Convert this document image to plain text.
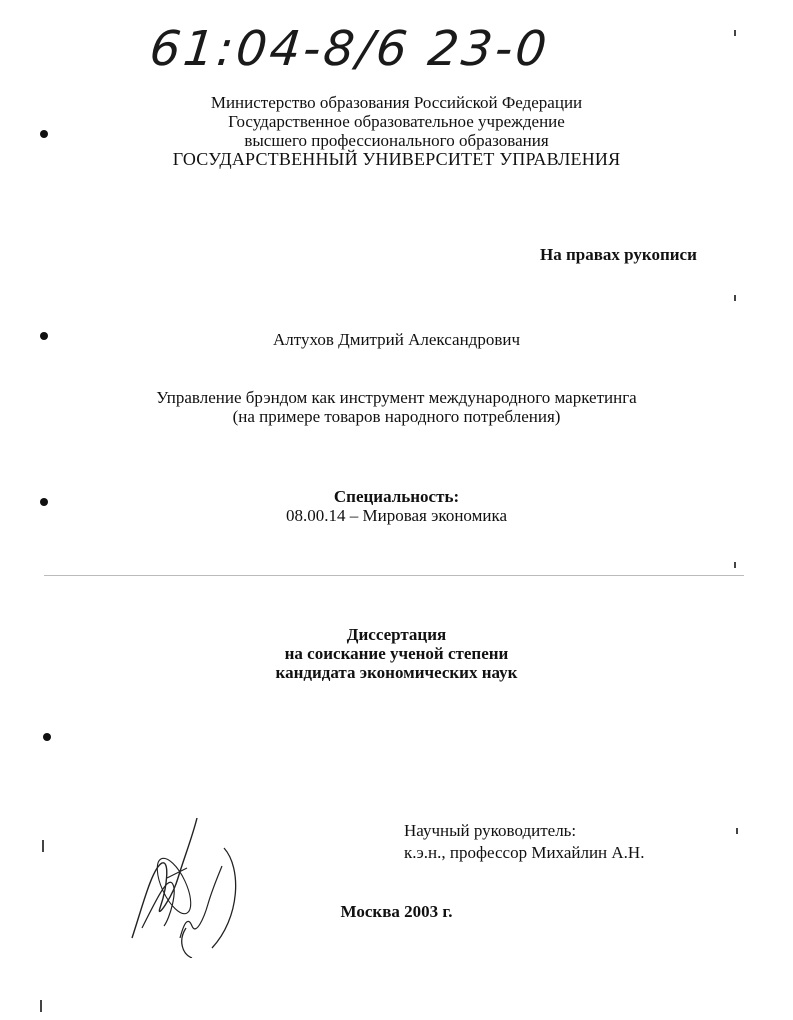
61:04-8/6 23-0
Министерство образования Российской Федерации
Государственное образовательное учреждение
высшего профессионального образования
ГОСУДАРСТВЕННЫЙ УНИВЕРСИТЕТ УПРАВЛЕНИЯ
На правах рукописи
Алтухов Дмитрий Александрович
Управление брэндом как инструмент международного маркетинга
(на примере товаров народного потребления)
Специальность:
08.00.14 – Мировая экономика
Диссертация
на соискание ученой степени
кандидата экономических наук
Научный руководитель:
к.э.н., профессор Михайлин А.Н.
Москва 2003 г.
